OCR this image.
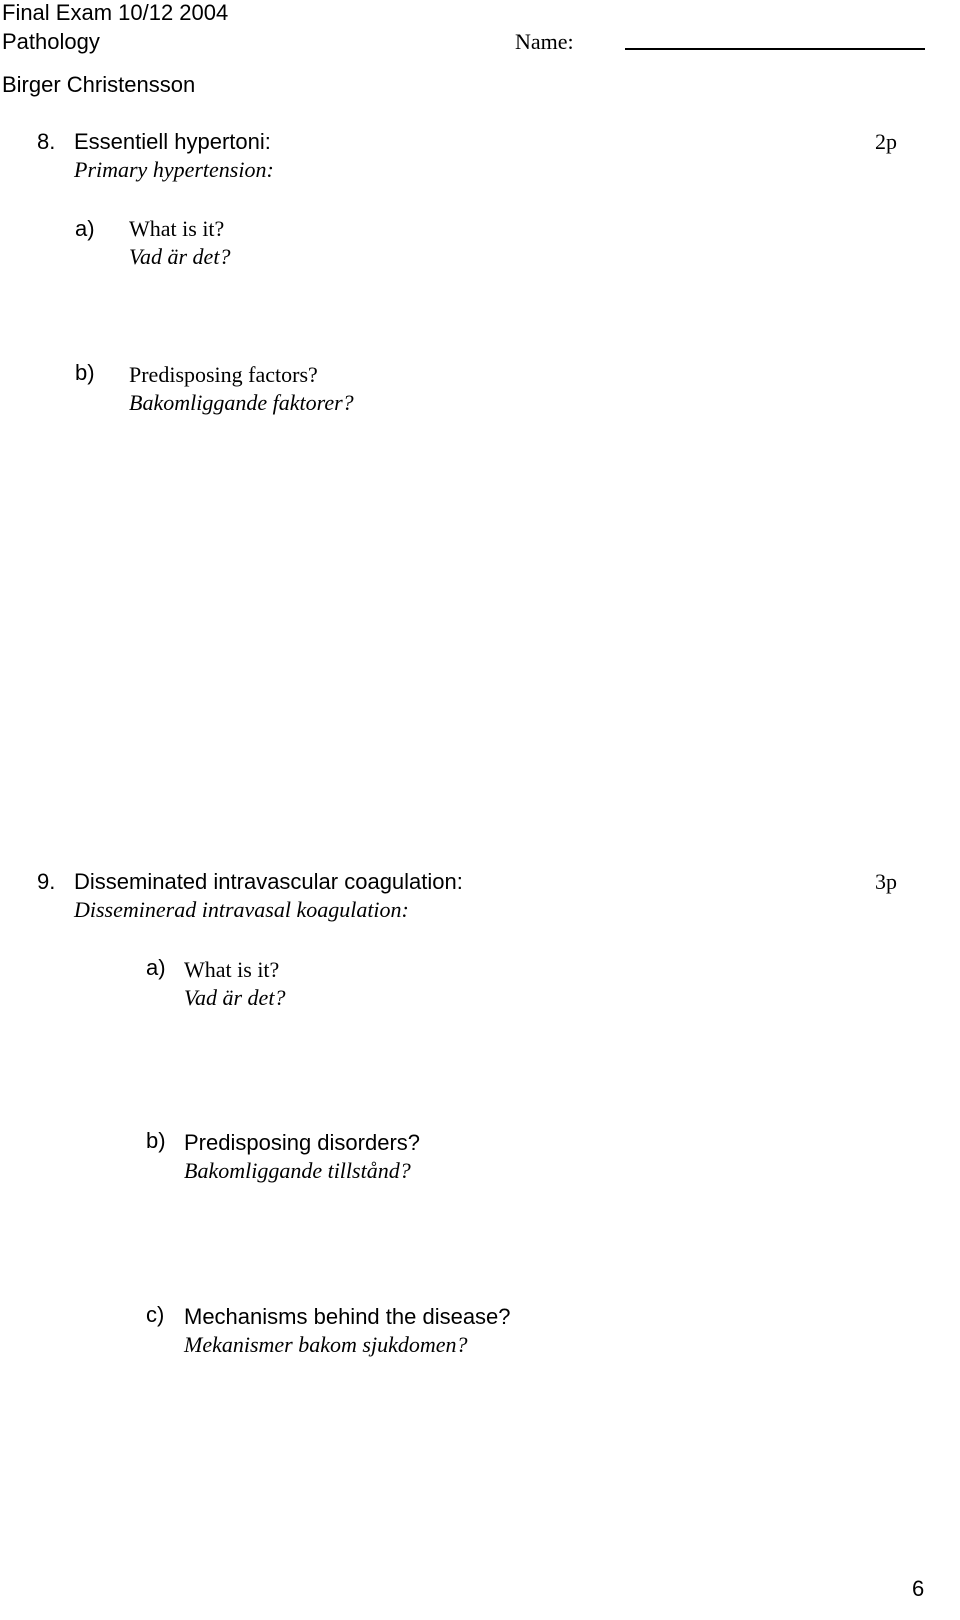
Final Exam 10/12 2004
Pathology	Name:
Birger Christensson
8. Essentiell hypertoni:	2p
Primary hypertension:
a) What is it?
Vad är det?
b) Predisposing factors?
Bakomliggande faktorer?
9. Disseminated intravascular coagulation:	3p
Disseminerad intravasal koagulation:
a) What is it?
Vad är det?
b) Predisposing disorders?
Bakomliggande tillstånd?
c) Mechanisms behind the disease?
Mekanismer bakom sjukdomen?
6
